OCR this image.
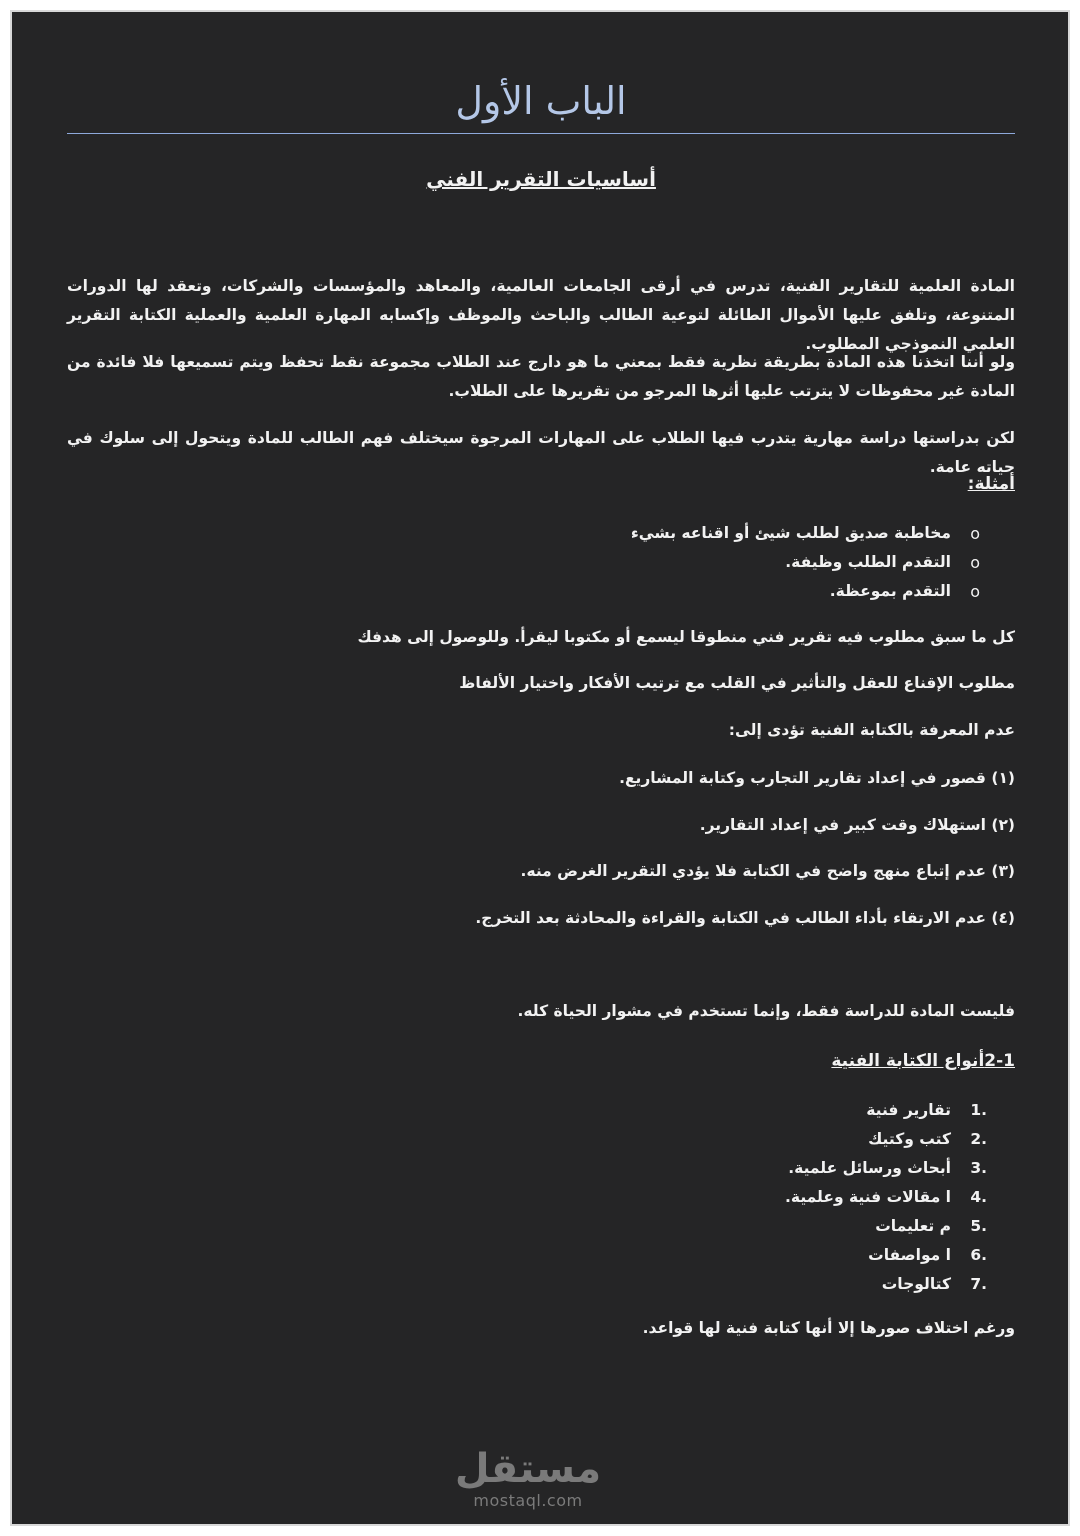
الباب الأول
أساسيات التقرير الفني

المادة العلمية للتقارير الفنية، تدرس في أرقى الجامعات العالمية، والمعاهد والمؤسسات والشركات، وتعقد لها الدورات المتنوعة، وتلفق عليها الأموال الطائلة لتوعية الطالب والباحث والموظف وإكسابه المهارة العلمية والعملية الكتابة التقرير العلمي النموذجي المطلوب.

ولو أننا اتخذنا هذه المادة بطريقة نظرية فقط بمعني ما هو دارج عند الطلاب مجموعة نقط تحفظ ويتم تسميعها فلا فائدة من المادة غير محفوظات لا يترتب عليها أثرها المرجو من تقريرها على الطلاب.

لكن بدراستها دراسة مهارية يتدرب فيها الطلاب على المهارات المرجوة سيختلف فهم الطالب للمادة ويتحول إلى سلوك في حياته عامة.

أمثلة:

o
مخاطبة صديق لطلب شيئ أو اقناعه بشيء
o
التقدم الطلب وظيفة.
o
التقدم بموعظة.

كل ما سبق مطلوب فيه تقرير فني منطوقا ليسمع أو مكتوبا ليقرأ. وللوصول إلى هدفك

مطلوب الإقناع للعقل والتأثير في القلب مع ترتيب الأفكار واختيار الألفاظ

عدم المعرفة بالكتابة الفنية تؤدى إلى:

(١) قصور في إعداد تقارير التجارب وكتابة المشاريع.

(٢) استهلاك وقت كبير في إعداد التقارير.

(٣) عدم إتباع منهج واضح في الكتابة فلا يؤدي التقرير الغرض منه.

(٤) عدم الارتقاء بأداء الطالب في الكتابة والقراءة والمحادثة بعد التخرج.

فليست المادة للدراسة فقط، وإنما تستخدم في مشوار الحياة كله.

2-1أنواع الكتابة الفنية

1.
تقارير فنية
2.
كتب وكتيك
3.
أبحاث ورسائل علمية.
4.
ا مقالات فنية وعلمية.
5.
م تعليمات
6.
ا مواصفات
7.
كتالوجات

ورغم اختلاف صورها إلا أنها كتابة فنية لها قواعد.

مستقل
mostaql.com
